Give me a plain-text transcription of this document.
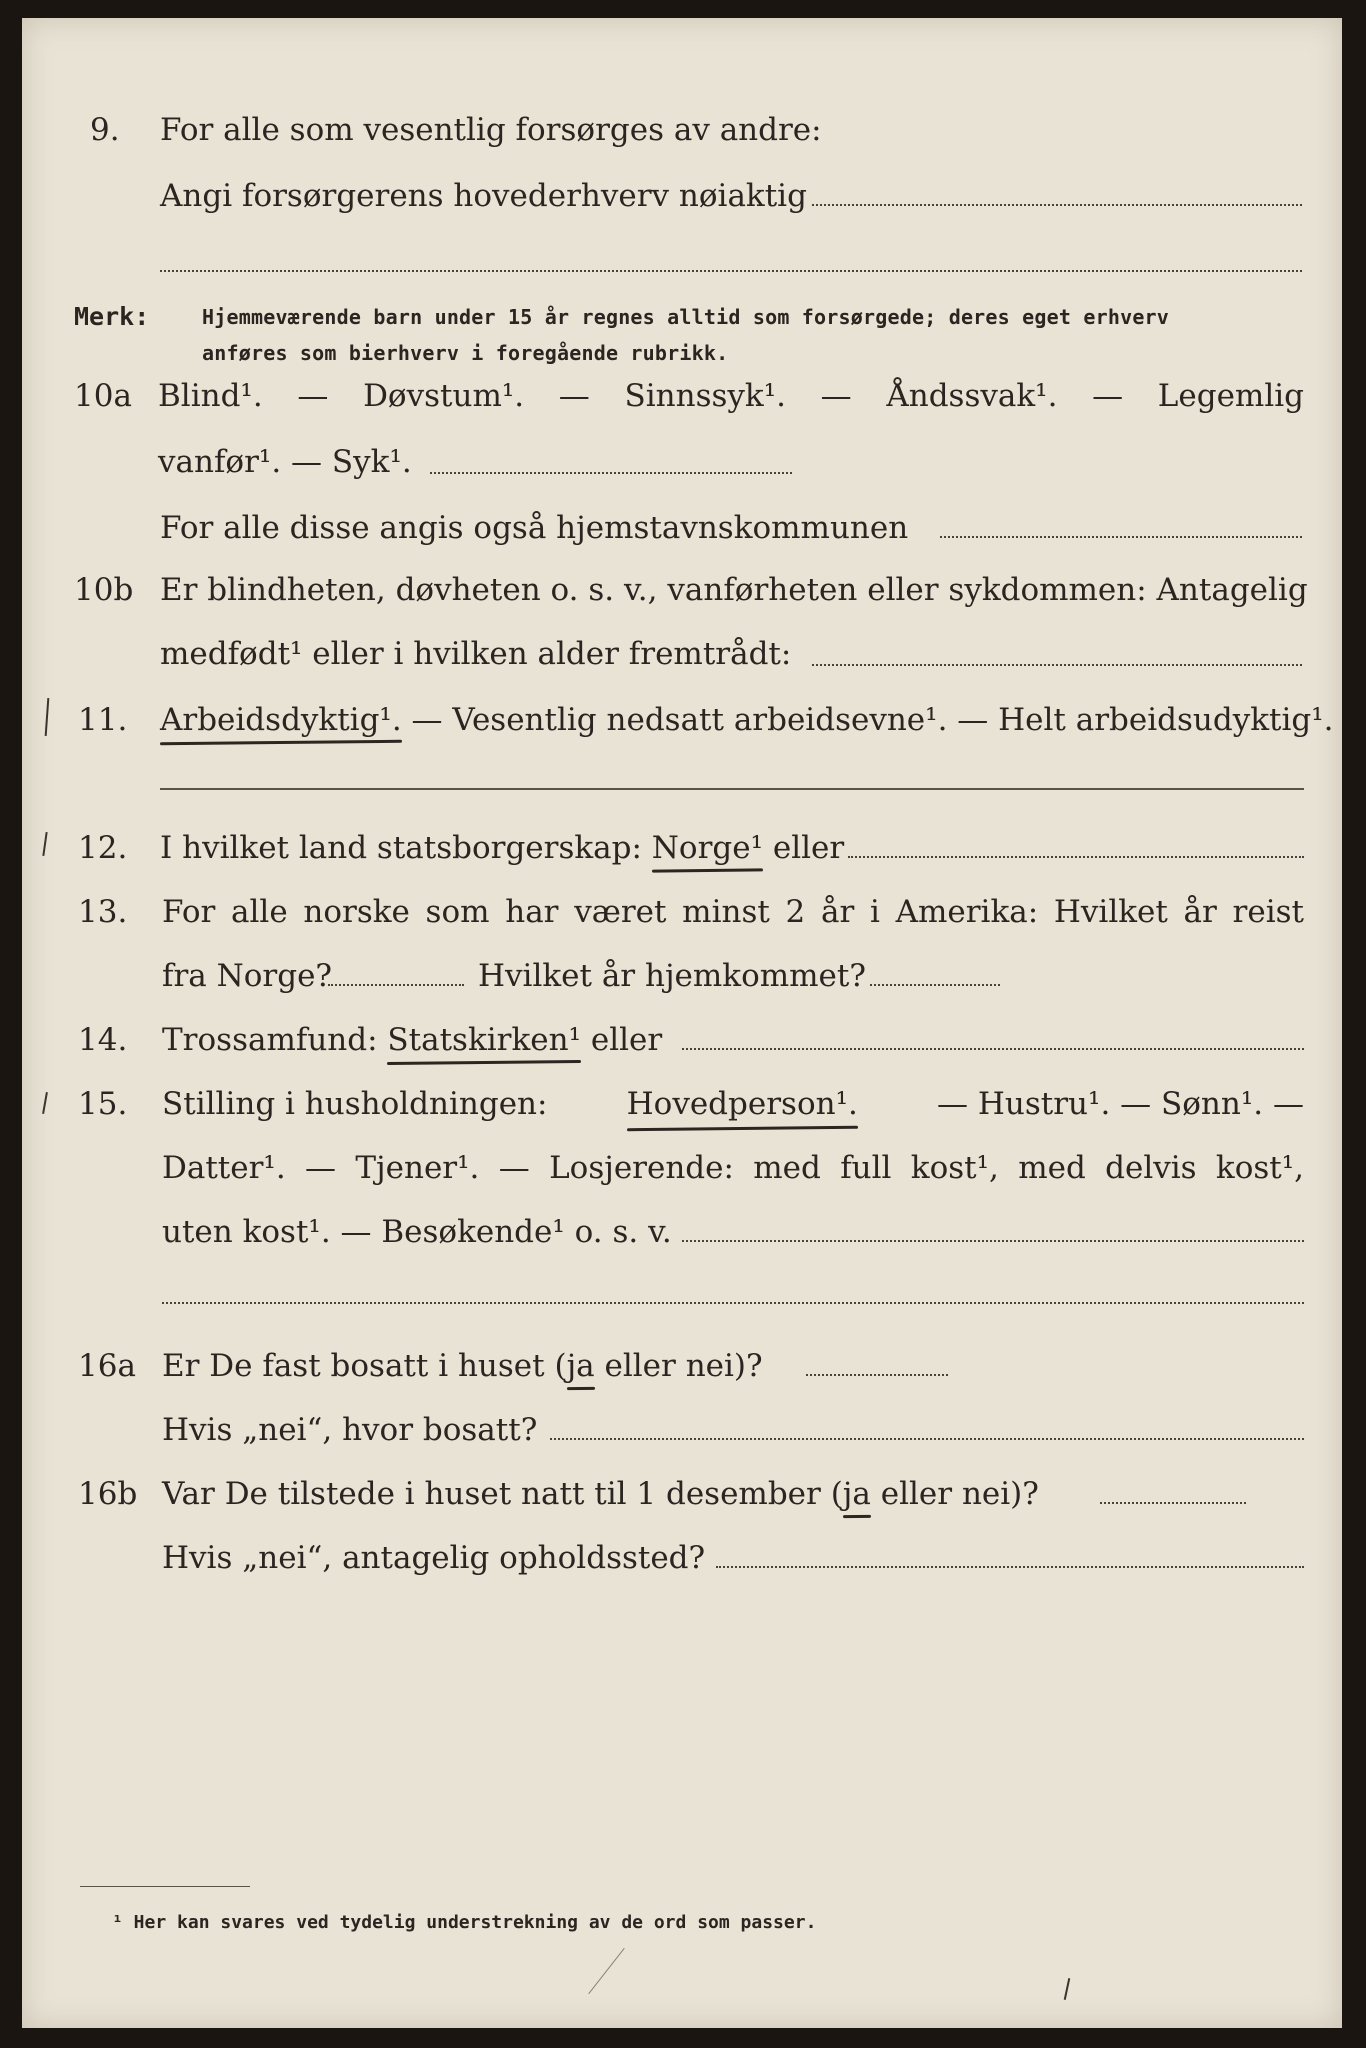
9. For alle som vesentlig forsørges av andre:
Angi forsørgerens hovederhverv nøiaktig
Merk:	Hjemmeværende barn under 15 år regnes alltid som forsørgede; deres eget erhverv
anføres som bierhverv i foregående rubrikk.
10a Blind¹. — Døvstum¹. — Sinnssyk¹. — Åndssvak¹. — Legemlig
vanfør¹. — Syk¹.
For alle disse angis også hjemstavnskommunen
10b Er blindheten, døvheten o. s. v., vanførheten eller sykdommen: Antagelig
medfødt¹ eller i hvilken alder fremtrådt:
11. Arbeidsdyktig¹. — Vesentlig nedsatt arbeidsevne¹. — Helt arbeidsudyktig¹.
12. I hvilket land statsborgerskap: Norge¹ eller
13. For alle norske som har været minst 2 år i Amerika: Hvilket år reist
fra Norge?	Hvilket år hjemkommet?
14. Trossamfund: Statskirken¹ eller
15. Stilling i husholdningen:	Hovedperson¹.	— Hustru¹. — Sønn¹. —
Datter¹. — Tjener¹. — Losjerende: med full kost¹, med delvis kost¹,
uten kost¹. — Besøkende¹ o. s. v.
16a Er De fast bosatt i huset (ja eller nei)?
Hvis „nei“, hvor bosatt?
16b Var De tilstede i huset natt til 1 desember (ja eller nei)?
Hvis „nei“, antagelig opholdssted?
¹ Her kan svares ved tydelig understrekning av de ord som passer.
